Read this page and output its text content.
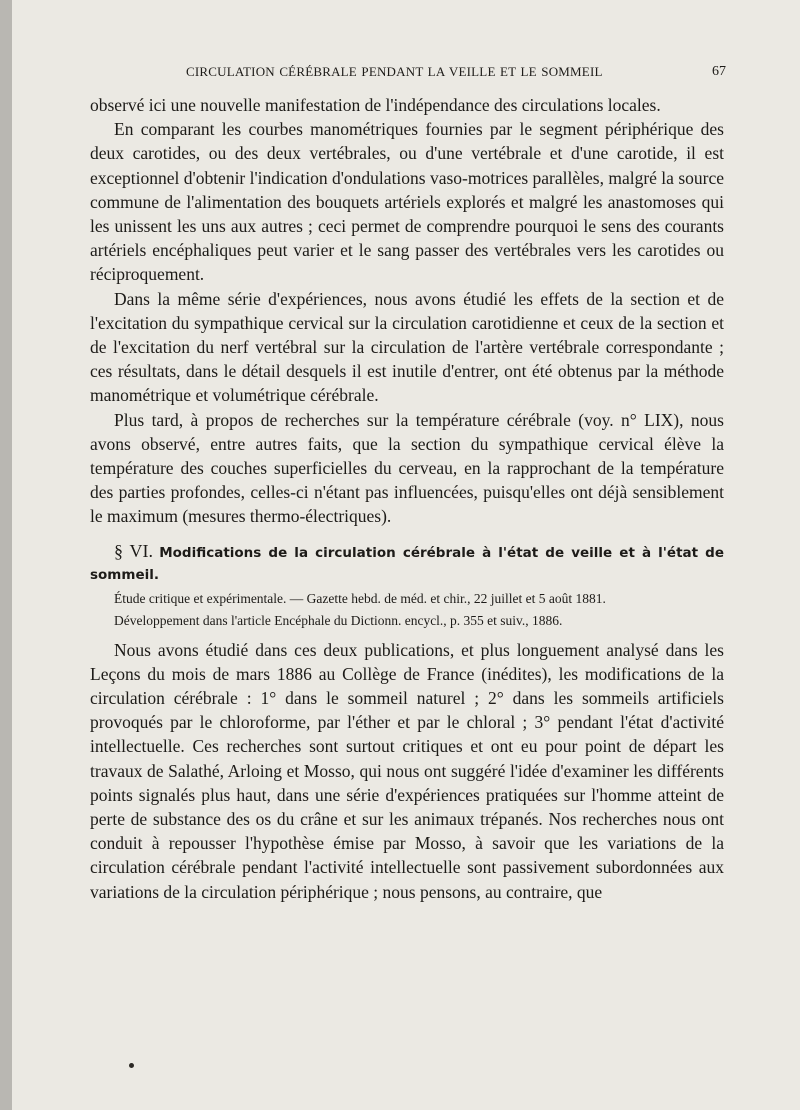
CIRCULATION CÉRÉBRALE PENDANT LA VEILLE ET LE SOMMEIL	67

observé ici une nouvelle manifestation de l'indépendance des circulations locales.

En comparant les courbes manométriques fournies par le segment périphérique des deux carotides, ou des deux vertébrales, ou d'une vertébrale et d'une carotide, il est exceptionnel d'obtenir l'indication d'ondulations vaso-motrices parallèles, malgré la source commune de l'alimentation des bouquets artériels explorés et malgré les anastomoses qui les unissent les uns aux autres ; ceci permet de comprendre pourquoi le sens des courants artériels encéphaliques peut varier et le sang passer des vertébrales vers les carotides ou réciproquement.

Dans la même série d'expériences, nous avons étudié les effets de la section et de l'excitation du sympathique cervical sur la circulation carotidienne et ceux de la section et de l'excitation du nerf vertébral sur la circulation de l'artère vertébrale correspondante ; ces résultats, dans le détail desquels il est inutile d'entrer, ont été obtenus par la méthode manométrique et volumétrique cérébrale.

Plus tard, à propos de recherches sur la température cérébrale (voy. n° LIX), nous avons observé, entre autres faits, que la section du sympathique cervical élève la température des couches superficielles du cerveau, en la rapprochant de la température des parties profondes, celles-ci n'étant pas influencées, puisqu'elles ont déjà sensiblement le maximum (mesures thermo-électriques).

§ VI. Modifications de la circulation cérébrale à l'état de veille et à l'état de sommeil.

Étude critique et expérimentale. — Gazette hebd. de méd. et chir., 22 juillet et 5 août 1881.

Développement dans l'article Encéphale du Dictionn. encycl., p. 355 et suiv., 1886.

Nous avons étudié dans ces deux publications, et plus longuement analysé dans les Leçons du mois de mars 1886 au Collège de France (inédites), les modifications de la circulation cérébrale : 1° dans le sommeil naturel ; 2° dans les sommeils artificiels provoqués par le chloroforme, par l'éther et par le chloral ; 3° pendant l'état d'activité intellectuelle. Ces recherches sont surtout critiques et ont eu pour point de départ les travaux de Salathé, Arloing et Mosso, qui nous ont suggéré l'idée d'examiner les différents points signalés plus haut, dans une série d'expériences pratiquées sur l'homme atteint de perte de substance des os du crâne et sur les animaux trépanés. Nos recherches nous ont conduit à repousser l'hypothèse émise par Mosso, à savoir que les variations de la circulation cérébrale pendant l'activité intellectuelle sont passivement subordonnées aux variations de la circulation périphérique ; nous pensons, au contraire, que
